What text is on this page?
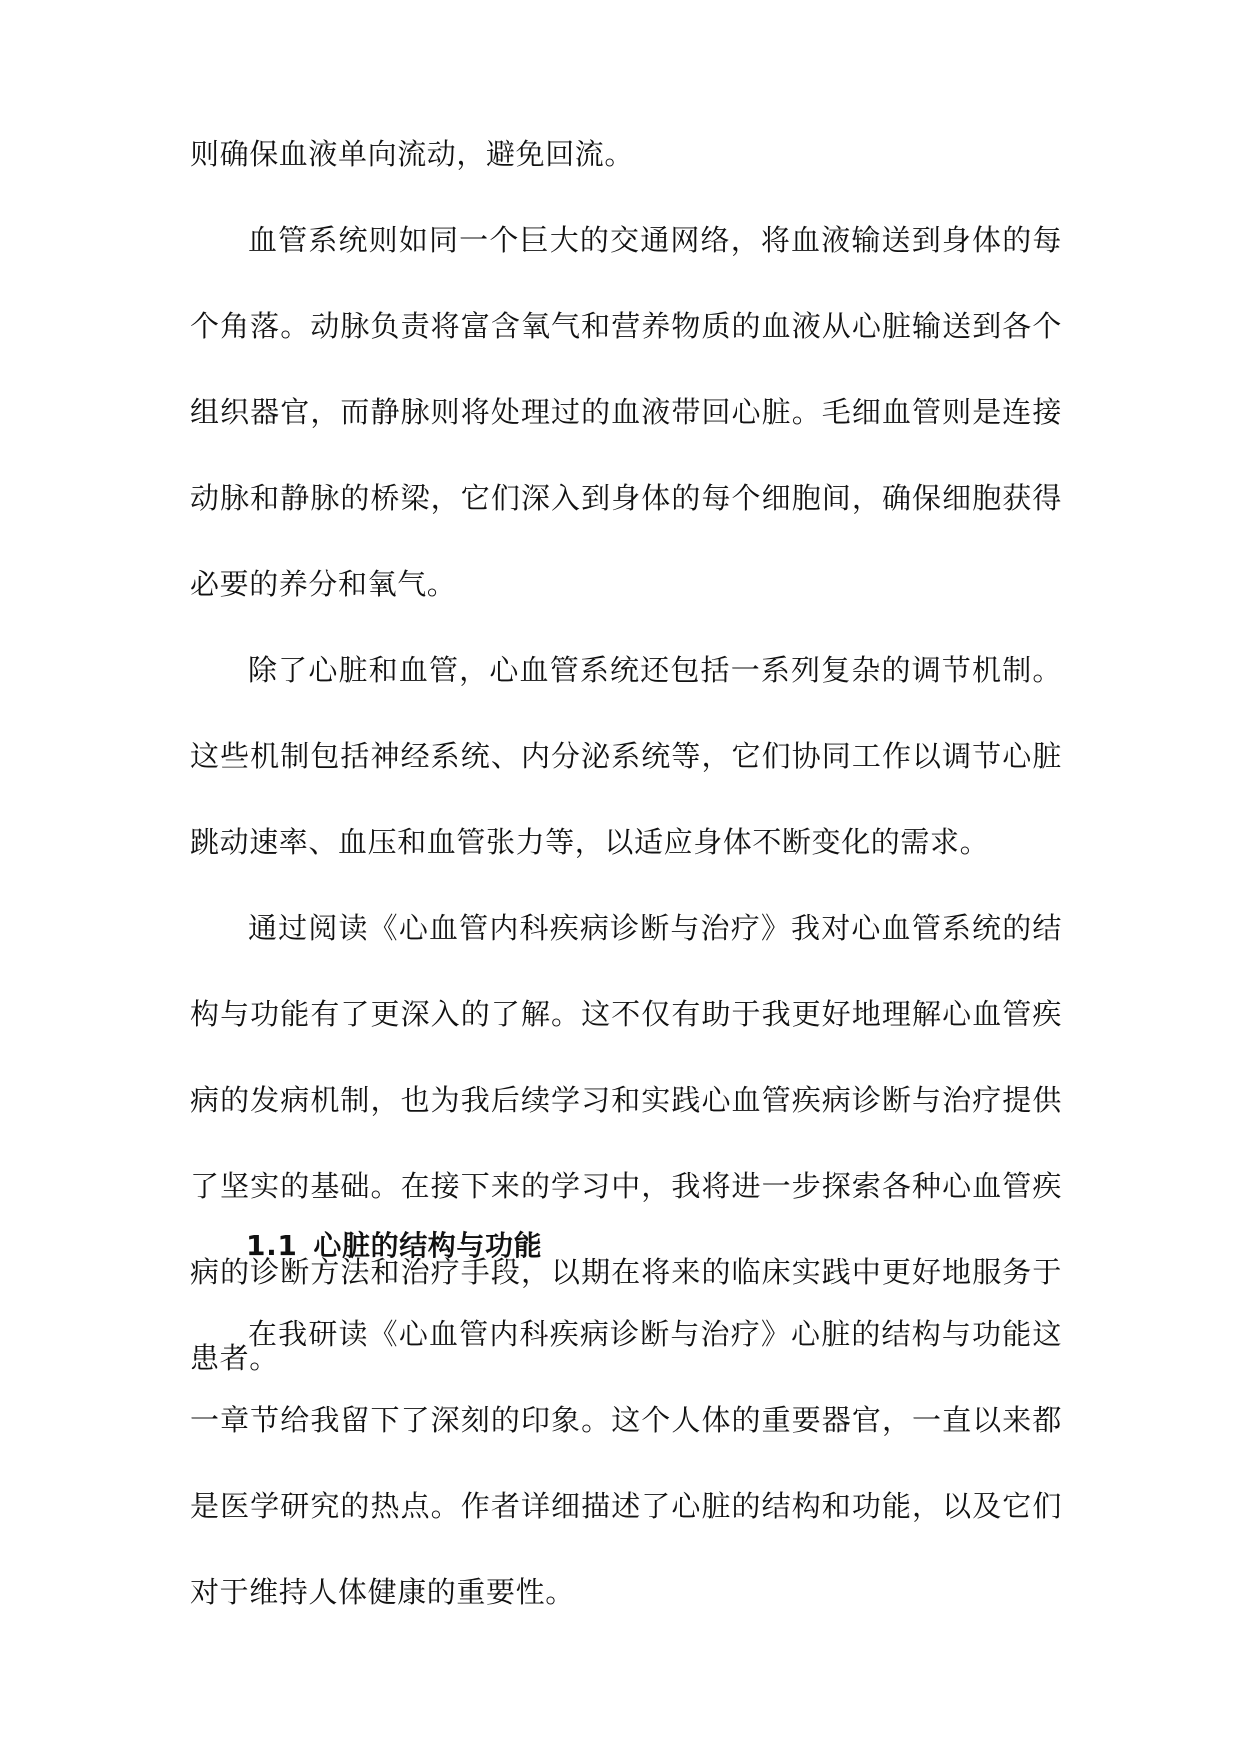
则确保血液单向流动，避免回流。

血管系统则如同一个巨大的交通网络，将血液输送到身体的每个角落。动脉负责将富含氧气和营养物质的血液从心脏输送到各个组织器官，而静脉则将处理过的血液带回心脏。毛细血管则是连接动脉和静脉的桥梁，它们深入到身体的每个细胞间，确保细胞获得必要的养分和氧气。

除了心脏和血管，心血管系统还包括一系列复杂的调节机制。这些机制包括神经系统、内分泌系统等，它们协同工作以调节心脏跳动速率、血压和血管张力等，以适应身体不断变化的需求。

通过阅读《心血管内科疾病诊断与治疗》我对心血管系统的结构与功能有了更深入的了解。这不仅有助于我更好地理解心血管疾病的发病机制，也为我后续学习和实践心血管疾病诊断与治疗提供了坚实的基础。在接下来的学习中，我将进一步探索各种心血管疾病的诊断方法和治疗手段，以期在将来的临床实践中更好地服务于患者。

1.1 心脏的结构与功能

在我研读《心血管内科疾病诊断与治疗》心脏的结构与功能这一章节给我留下了深刻的印象。这个人体的重要器官，一直以来都是医学研究的热点。作者详细描述了心脏的结构和功能，以及它们对于维持人体健康的重要性。
